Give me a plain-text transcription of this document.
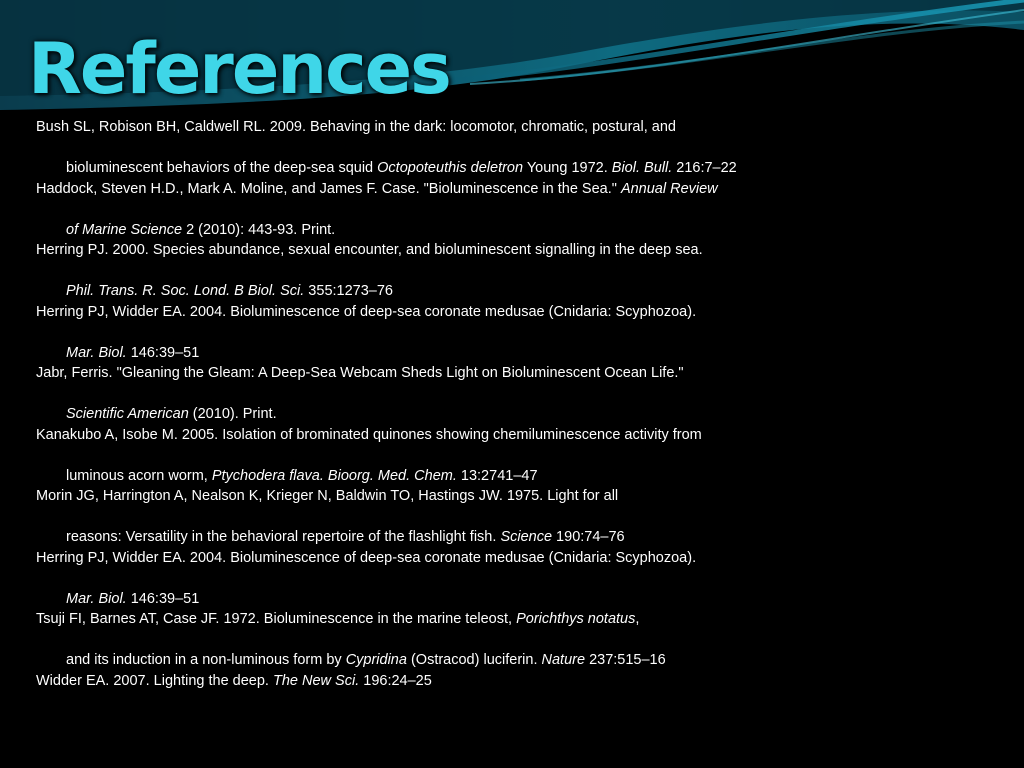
References
Bush SL, Robison BH, Caldwell RL. 2009. Behaving in the dark: locomotor, chromatic, postural, and
bioluminescent behaviors of the deep-sea squid Octopoteuthis deletron Young 1972. Biol. Bull. 216:7–22
Haddock, Steven H.D., Mark A. Moline, and James F. Case. "Bioluminescence in the Sea." Annual Review
of Marine Science 2 (2010): 443-93. Print.
Herring PJ. 2000. Species abundance, sexual encounter, and bioluminescent signalling in the deep sea.
Phil. Trans. R. Soc. Lond. B Biol. Sci. 355:1273–76
Herring PJ, Widder EA. 2004. Bioluminescence of deep-sea coronate medusae (Cnidaria: Scyphozoa).
Mar. Biol. 146:39–51
Jabr, Ferris. "Gleaning the Gleam: A Deep-Sea Webcam Sheds Light on Bioluminescent Ocean Life."
Scientific American (2010). Print.
Kanakubo A, Isobe M. 2005. Isolation of brominated quinones showing chemiluminescence activity from
luminous acorn worm, Ptychodera flava. Bioorg. Med. Chem. 13:2741–47
Morin JG, Harrington A, Nealson K, Krieger N, Baldwin TO, Hastings JW. 1975. Light for all
reasons: Versatility in the behavioral repertoire of the flashlight fish. Science 190:74–76
Herring PJ, Widder EA. 2004. Bioluminescence of deep-sea coronate medusae (Cnidaria: Scyphozoa).
Mar. Biol. 146:39–51
Tsuji FI, Barnes AT, Case JF. 1972. Bioluminescence in the marine teleost, Porichthys notatus,
and its induction in a non-luminous form by Cypridina (Ostracod) luciferin. Nature 237:515–16
Widder EA. 2007. Lighting the deep. The New Sci. 196:24–25
